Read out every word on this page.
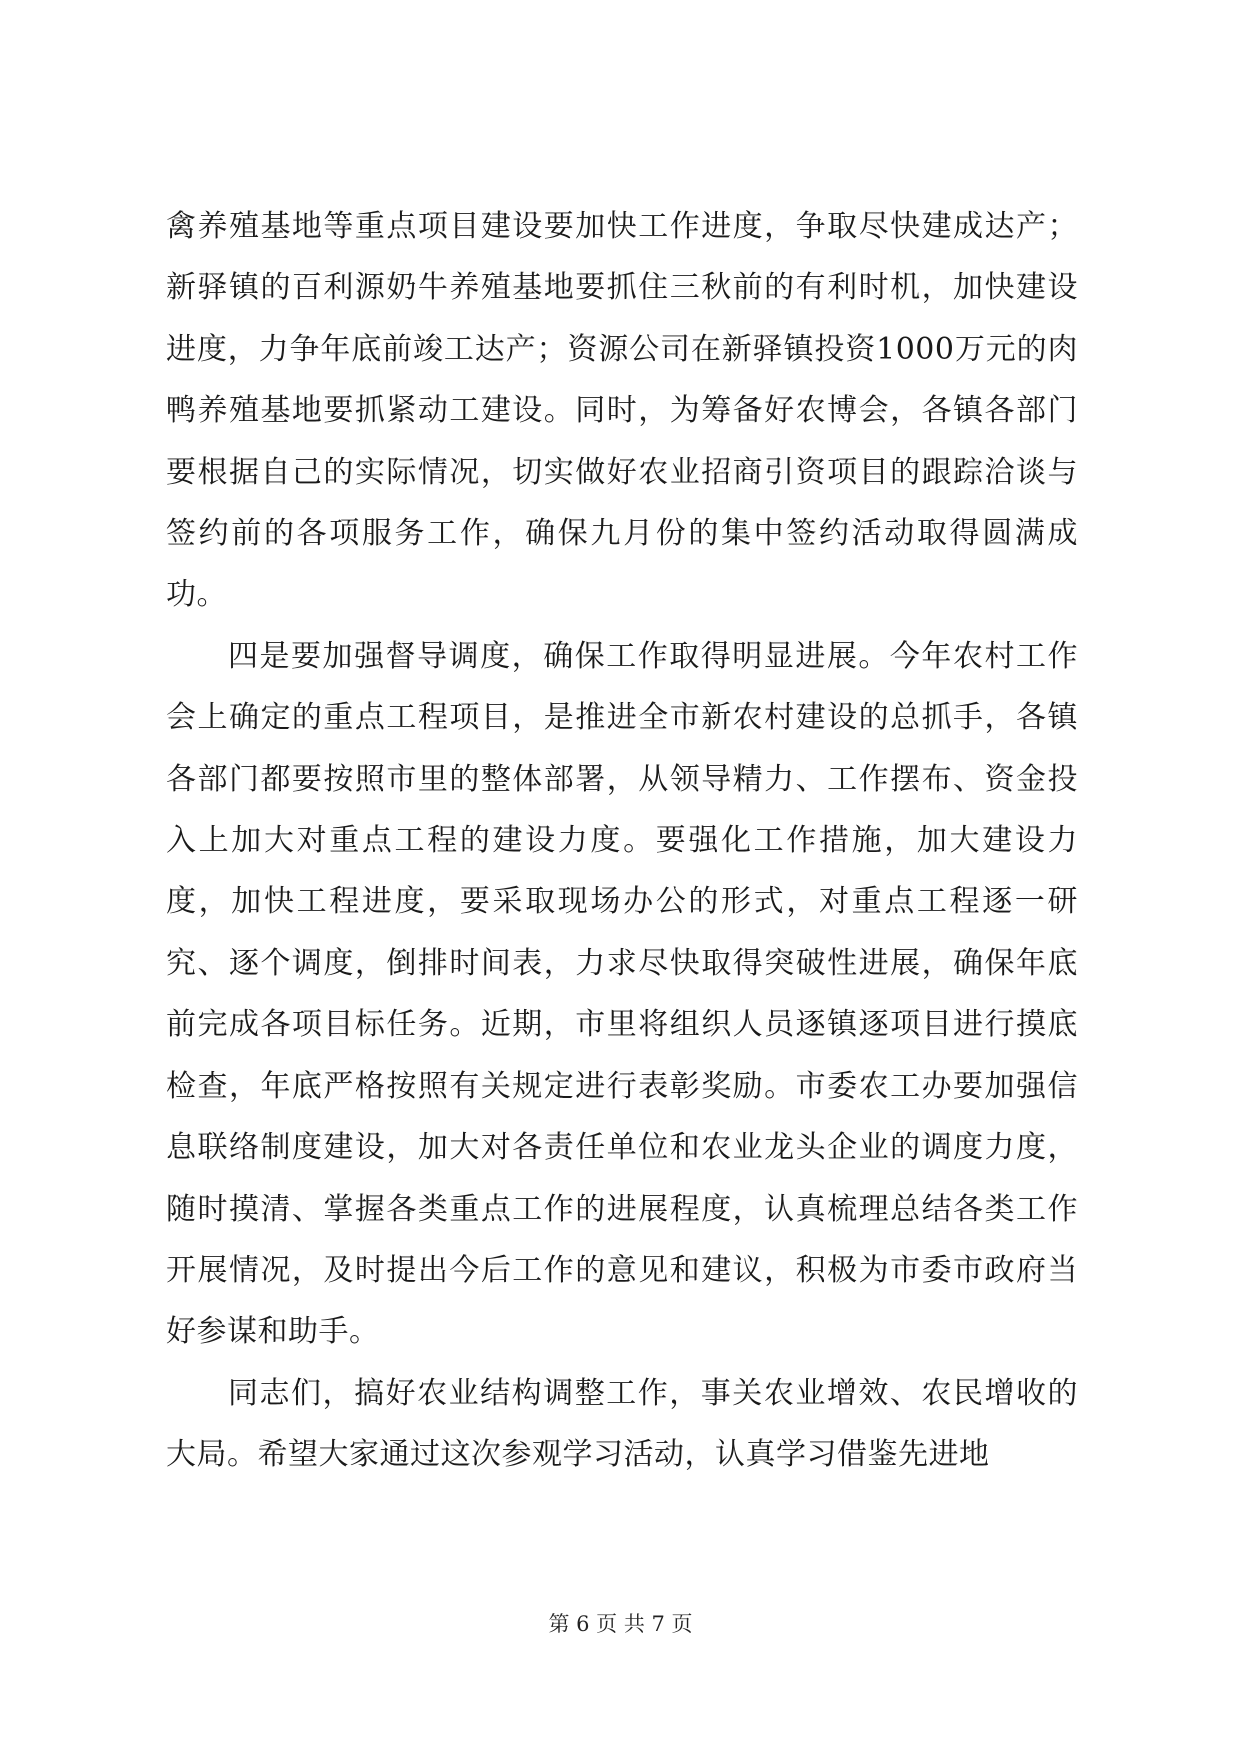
禽养殖基地等重点项目建设要加快工作进度，争取尽快建成达产；新驿镇的百利源奶牛养殖基地要抓住三秋前的有利时机，加快建设进度，力争年底前竣工达产；资源公司在新驿镇投资1000万元的肉鸭养殖基地要抓紧动工建设。同时，为筹备好农博会，各镇各部门要根据自己的实际情况，切实做好农业招商引资项目的跟踪洽谈与签约前的各项服务工作，确保九月份的集中签约活动取得圆满成功。

四是要加强督导调度，确保工作取得明显进展。今年农村工作会上确定的重点工程项目，是推进全市新农村建设的总抓手，各镇各部门都要按照市里的整体部署，从领导精力、工作摆布、资金投入上加大对重点工程的建设力度。要强化工作措施，加大建设力度，加快工程进度，要采取现场办公的形式，对重点工程逐一研究、逐个调度，倒排时间表，力求尽快取得突破性进展，确保年底前完成各项目标任务。近期，市里将组织人员逐镇逐项目进行摸底检查，年底严格按照有关规定进行表彰奖励。市委农工办要加强信息联络制度建设，加大对各责任单位和农业龙头企业的调度力度，随时摸清、掌握各类重点工作的进展程度，认真梳理总结各类工作开展情况，及时提出今后工作的意见和建议，积极为市委市政府当好参谋和助手。

同志们，搞好农业结构调整工作，事关农业增效、农民增收的大局。希望大家通过这次参观学习活动，认真学习借鉴先进地

第 6 页 共 7 页
